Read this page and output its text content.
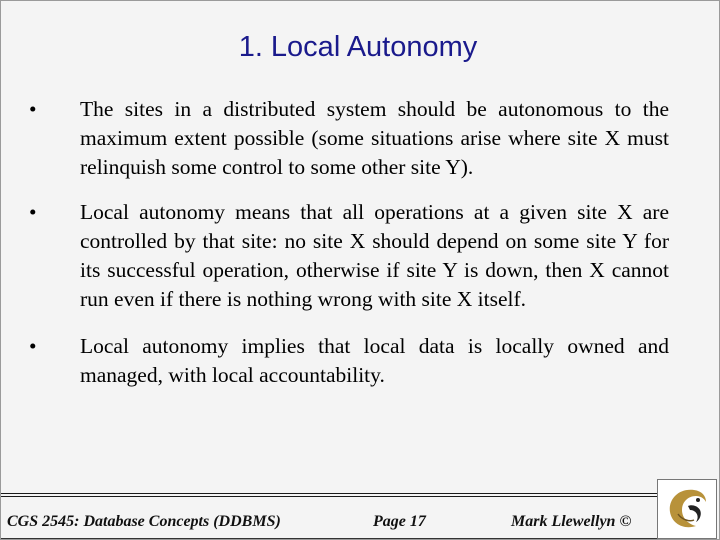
1. Local Autonomy
•	The sites in a distributed system should be autonomous to the maximum extent possible (some situations arise where site X must relinquish some control to some other site Y).
•	Local autonomy means that all operations at a given site X are controlled by that site: no site X should depend on some site Y for its successful operation, otherwise if site Y is down, then X cannot run even if there is nothing wrong with site X itself.
•	Local autonomy implies that local data is locally owned and managed, with local accountability.
CGS 2545: Database Concepts (DDBMS)	Page 17	Mark Llewellyn ©
